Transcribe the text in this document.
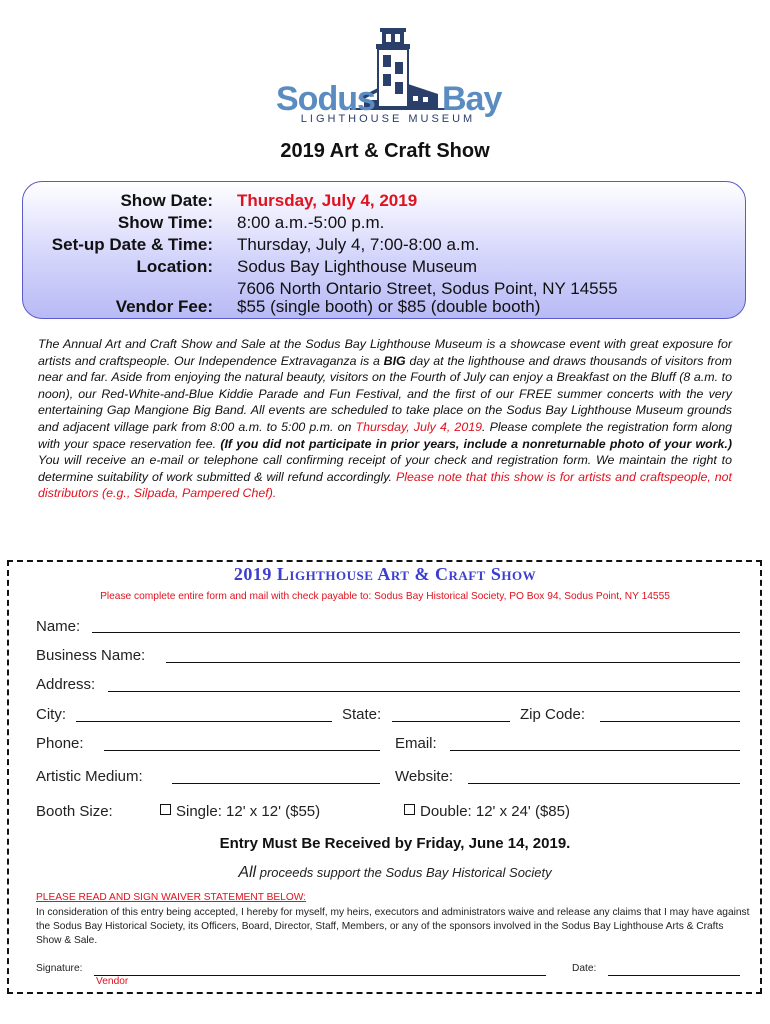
Sodus Bay
LIGHTHOUSE MUSEUM
2019 Art & Craft Show
Show Date: Thursday, July 4, 2019
Show Time: 8:00 a.m.-5:00 p.m.
Set-up Date & Time: Thursday, July 4, 7:00-8:00 a.m.
Location: Sodus Bay Lighthouse Museum
7606 North Ontario Street, Sodus Point, NY 14555
Vendor Fee: $55 (single booth) or $85 (double booth)
The Annual Art and Craft Show and Sale at the Sodus Bay Lighthouse Museum is a showcase event with great exposure for artists and craftspeople. Our Independence Extravaganza is a BIG day at the lighthouse and draws thousands of visitors from near and far. Aside from enjoying the natural beauty, visitors on the Fourth of July can enjoy a Breakfast on the Bluff (8 a.m. to noon), our Red-White-and-Blue Kiddie Parade and Fun Festival, and the first of our FREE summer concerts with the very entertaining Gap Mangione Big Band. All events are scheduled to take place on the Sodus Bay Lighthouse Museum grounds and adjacent village park from 8:00 a.m. to 5:00 p.m. on Thursday, July 4, 2019. Please complete the registration form along with your space reservation fee. (If you did not participate in prior years, include a nonreturnable photo of your work.) You will receive an e-mail or telephone call confirming receipt of your check and registration form. We maintain the right to determine suitability of work submitted & will refund accordingly. Please note that this show is for artists and craftspeople, not distributors (e.g., Silpada, Pampered Chef).
2019 Lighthouse Art & Craft Show
Please complete entire form and mail with check payable to: Sodus Bay Historical Society, PO Box 94, Sodus Point, NY 14555
Name:
Business Name:
Address:
City:	State:	Zip Code:
Phone:	Email:
Artistic Medium:	Website:
Booth Size:	Single: 12' x 12' ($55)	Double: 12' x 24' ($85)
Entry Must Be Received by Friday, June 14, 2019.
All proceeds support the Sodus Bay Historical Society
PLEASE READ AND SIGN WAIVER STATEMENT BELOW:
In consideration of this entry being accepted, I hereby for myself, my heirs, executors and administrators waive and release any claims that I may have against the Sodus Bay Historical Society, its Officers, Board, Director, Staff, Members, or any of the sponsors involved in the Sodus Bay Lighthouse Arts & Crafts Show & Sale.
Signature:
Vendor
Date:
